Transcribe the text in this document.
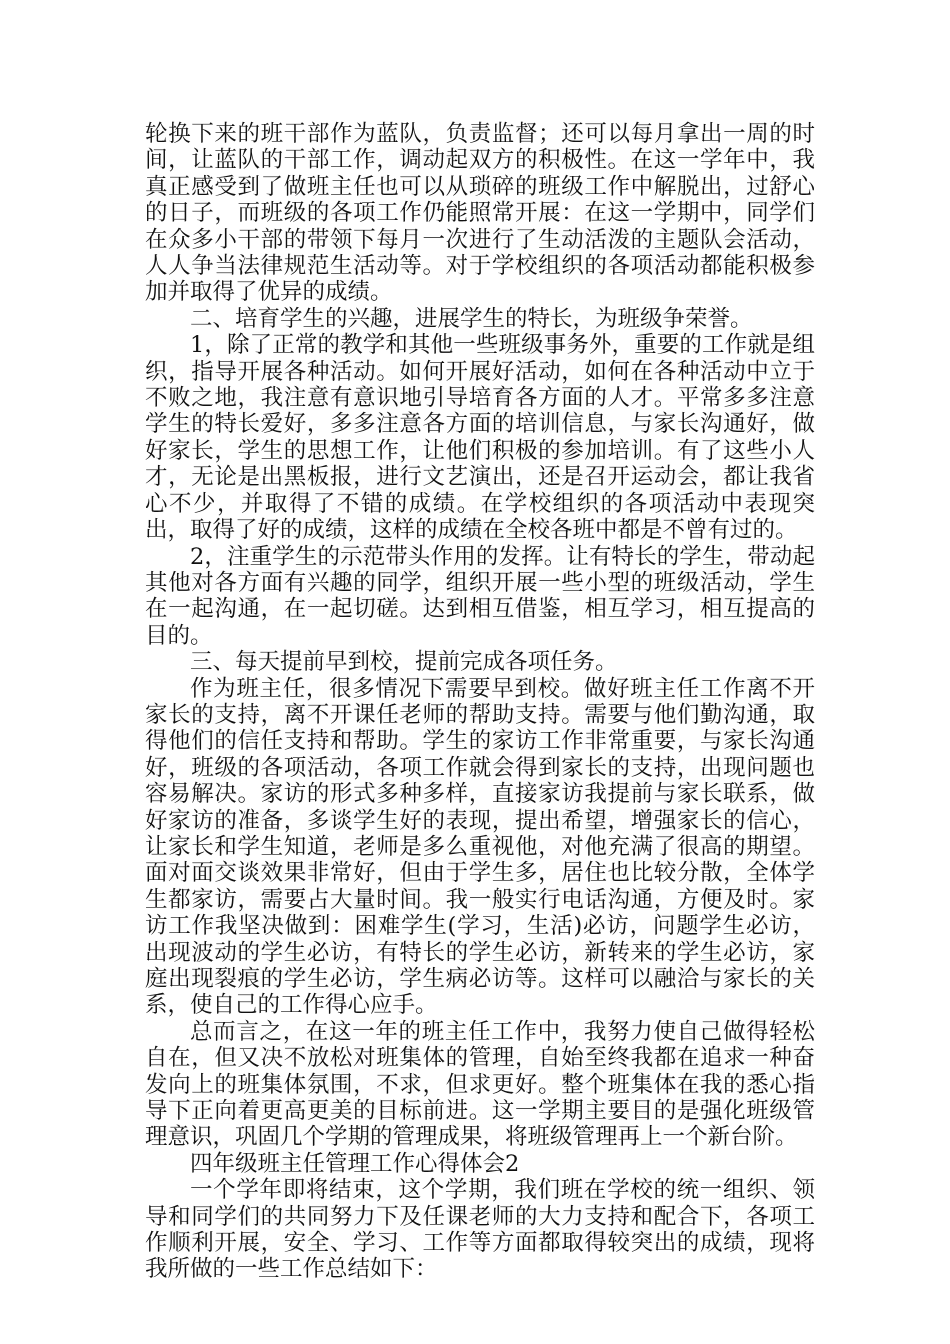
轮换下来的班干部作为蓝队，负责监督；还可以每月拿出一周的时间，让蓝队的干部工作，调动起双方的积极性。在这一学年中，我真正感受到了做班主任也可以从琐碎的班级工作中解脱出，过舒心的日子，而班级的各项工作仍能照常开展：在这一学期中，同学们在众多小干部的带领下每月一次进行了生动活泼的主题队会活动，人人争当法律规范生活动等。对于学校组织的各项活动都能积极参加并取得了优异的成绩。

二、培育学生的兴趣，进展学生的特长，为班级争荣誉。

1，除了正常的教学和其他一些班级事务外，重要的工作就是组织，指导开展各种活动。如何开展好活动，如何在各种活动中立于不败之地，我注意有意识地引导培育各方面的人才。平常多多注意学生的特长爱好，多多注意各方面的培训信息，与家长沟通好，做好家长，学生的思想工作，让他们积极的参加培训。有了这些小人才，无论是出黑板报，进行文艺演出，还是召开运动会，都让我省心不少，并取得了不错的成绩。在学校组织的各项活动中表现突出，取得了好的成绩，这样的成绩在全校各班中都是不曾有过的。

2，注重学生的示范带头作用的发挥。让有特长的学生，带动起其他对各方面有兴趣的同学，组织开展一些小型的班级活动，学生在一起沟通，在一起切磋。达到相互借鉴，相互学习，相互提高的目的。

三、每天提前早到校，提前完成各项任务。

作为班主任，很多情况下需要早到校。做好班主任工作离不开家长的支持，离不开课任老师的帮助支持。需要与他们勤沟通，取得他们的信任支持和帮助。学生的家访工作非常重要，与家长沟通好，班级的各项活动，各项工作就会得到家长的支持，出现问题也容易解决。家访的形式多种多样，直接家访我提前与家长联系，做好家访的准备，多谈学生好的表现，提出希望，增强家长的信心，让家长和学生知道，老师是多么重视他，对他充满了很高的期望。面对面交谈效果非常好，但由于学生多，居住也比较分散，全体学生都家访，需要占大量时间。我一般实行电话沟通，方便及时。家访工作我坚决做到：困难学生(学习，生活)必访，问题学生必访，出现波动的学生必访，有特长的学生必访，新转来的学生必访，家庭出现裂痕的学生必访，学生病必访等。这样可以融洽与家长的关系，使自己的工作得心应手。

总而言之，在这一年的班主任工作中，我努力使自己做得轻松自在，但又决不放松对班集体的管理，自始至终我都在追求一种奋发向上的班集体氛围，不求，但求更好。整个班集体在我的悉心指导下正向着更高更美的目标前进。这一学期主要目的是强化班级管理意识，巩固几个学期的管理成果，将班级管理再上一个新台阶。

四年级班主任管理工作心得体会2

一个学年即将结束，这个学期，我们班在学校的统一组织、领导和同学们的共同努力下及任课老师的大力支持和配合下，各项工作顺利开展，安全、学习、工作等方面都取得较突出的成绩，现将我所做的一些工作总结如下：
